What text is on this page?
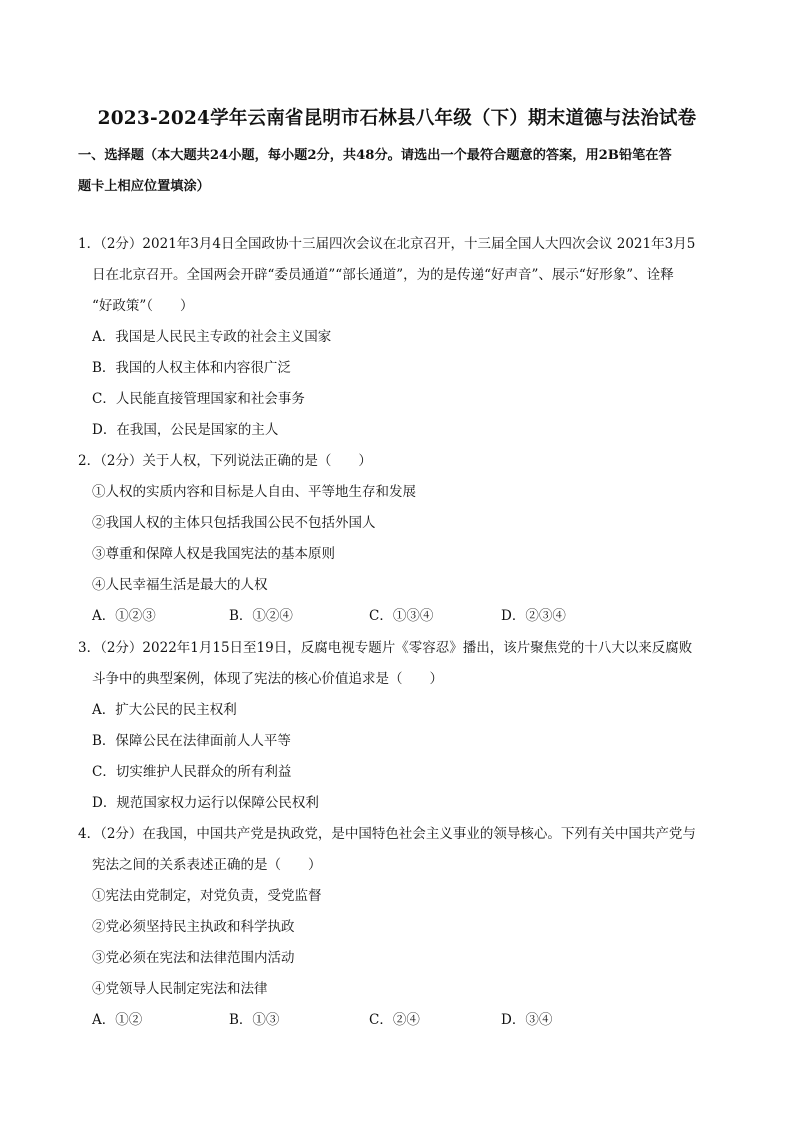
2023-2024学年云南省昆明市石林县八年级（下）期末道德与法治试卷
一、选择题（本大题共24小题，每小题2分，共48分。请选出一个最符合题意的答案，用2B铅笔在答
题卡上相应位置填涂）
1．（2分）2021年3月4日全国政协十三届四次会议在北京召开，十三届全国人大四次会议 2021年3月5
日在北京召开。全国两会开辟“委员通道”“部长通道”，为的是传递“好声音”、展示“好形象”、诠释
“好政策”（　　）
A．我国是人民民主专政的社会主义国家
B．我国的人权主体和内容很广泛
C．人民能直接管理国家和社会事务
D．在我国，公民是国家的主人
2．（2分）关于人权，下列说法正确的是（　　）
①人权的实质内容和目标是人自由、平等地生存和发展
②我国人权的主体只包括我国公民不包括外国人
③尊重和保障人权是我国宪法的基本原则
④人民幸福生活是最大的人权
A．①②③	B．①②④	C．①③④	D．②③④
3．（2分）2022年1月15日至19日，反腐电视专题片《零容忍》播出，该片聚焦党的十八大以来反腐败
斗争中的典型案例，体现了宪法的核心价值追求是（　　）
A．扩大公民的民主权利
B．保障公民在法律面前人人平等
C．切实维护人民群众的所有利益
D．规范国家权力运行以保障公民权利
4．（2分）在我国，中国共产党是执政党，是中国特色社会主义事业的领导核心。下列有关中国共产党与
宪法之间的关系表述正确的是（　　）
①宪法由党制定，对党负责，受党监督
②党必须坚持民主执政和科学执政
③党必须在宪法和法律范围内活动
④党领导人民制定宪法和法律
A．①②	B．①③	C．②④	D．③④
